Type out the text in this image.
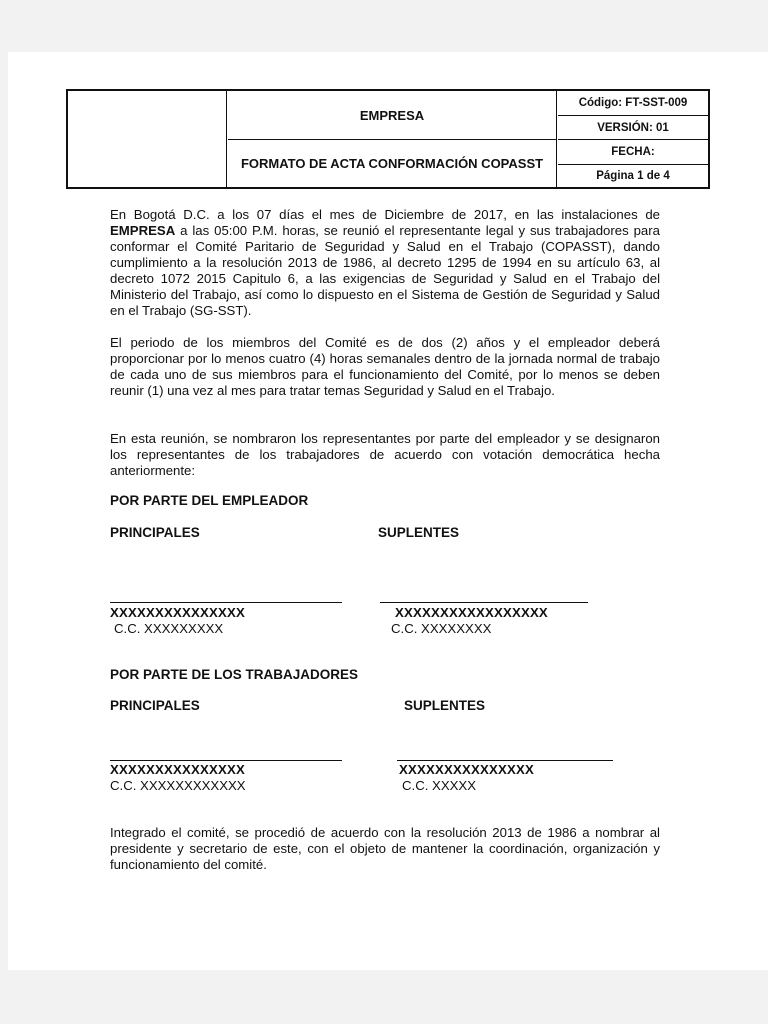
EMPRESA
FORMATO DE ACTA CONFORMACIÓN COPASST
Código: FT-SST-009
VERSIÓN: 01
FECHA:
Página 1 de 4
En Bogotá D.C. a los 07 días el mes de Diciembre de 2017, en las instalaciones de EMPRESA a las 05:00 P.M. horas, se reunió el representante legal y sus trabajadores para conformar el Comité Paritario de Seguridad y Salud en el Trabajo (COPASST), dando cumplimiento a la resolución 2013 de 1986, al decreto 1295 de 1994 en su artículo 63, al decreto 1072 2015 Capitulo 6, a las exigencias de Seguridad y Salud en el Trabajo del Ministerio del Trabajo, así como lo dispuesto en el Sistema de Gestión de Seguridad y Salud en el Trabajo (SG-SST).
El periodo de los miembros del Comité es de dos (2) años y el empleador deberá proporcionar por lo menos cuatro (4) horas semanales dentro de la jornada normal de trabajo de cada uno de sus miembros para el funcionamiento del Comité, por lo menos se deben reunir (1) una vez al mes para tratar temas Seguridad y Salud en el Trabajo.
En esta reunión, se nombraron los representantes por parte del empleador y se designaron los representantes de los trabajadores de acuerdo con votación democrática hecha anteriormente:
POR PARTE DEL EMPLEADOR
PRINCIPALES	SUPLENTES
XXXXXXXXXXXXXXX
C.C. XXXXXXXXX
XXXXXXXXXXXXXXXXX
C.C. XXXXXXXX
POR PARTE DE LOS TRABAJADORES
PRINCIPALES	SUPLENTES
XXXXXXXXXXXXXXX
C.C. XXXXXXXXXXXX
XXXXXXXXXXXXXXX
C.C. XXXXX
Integrado el comité, se procedió de acuerdo con la resolución 2013 de 1986 a nombrar al presidente y secretario de este, con el objeto de mantener la coordinación, organización y funcionamiento del comité.
